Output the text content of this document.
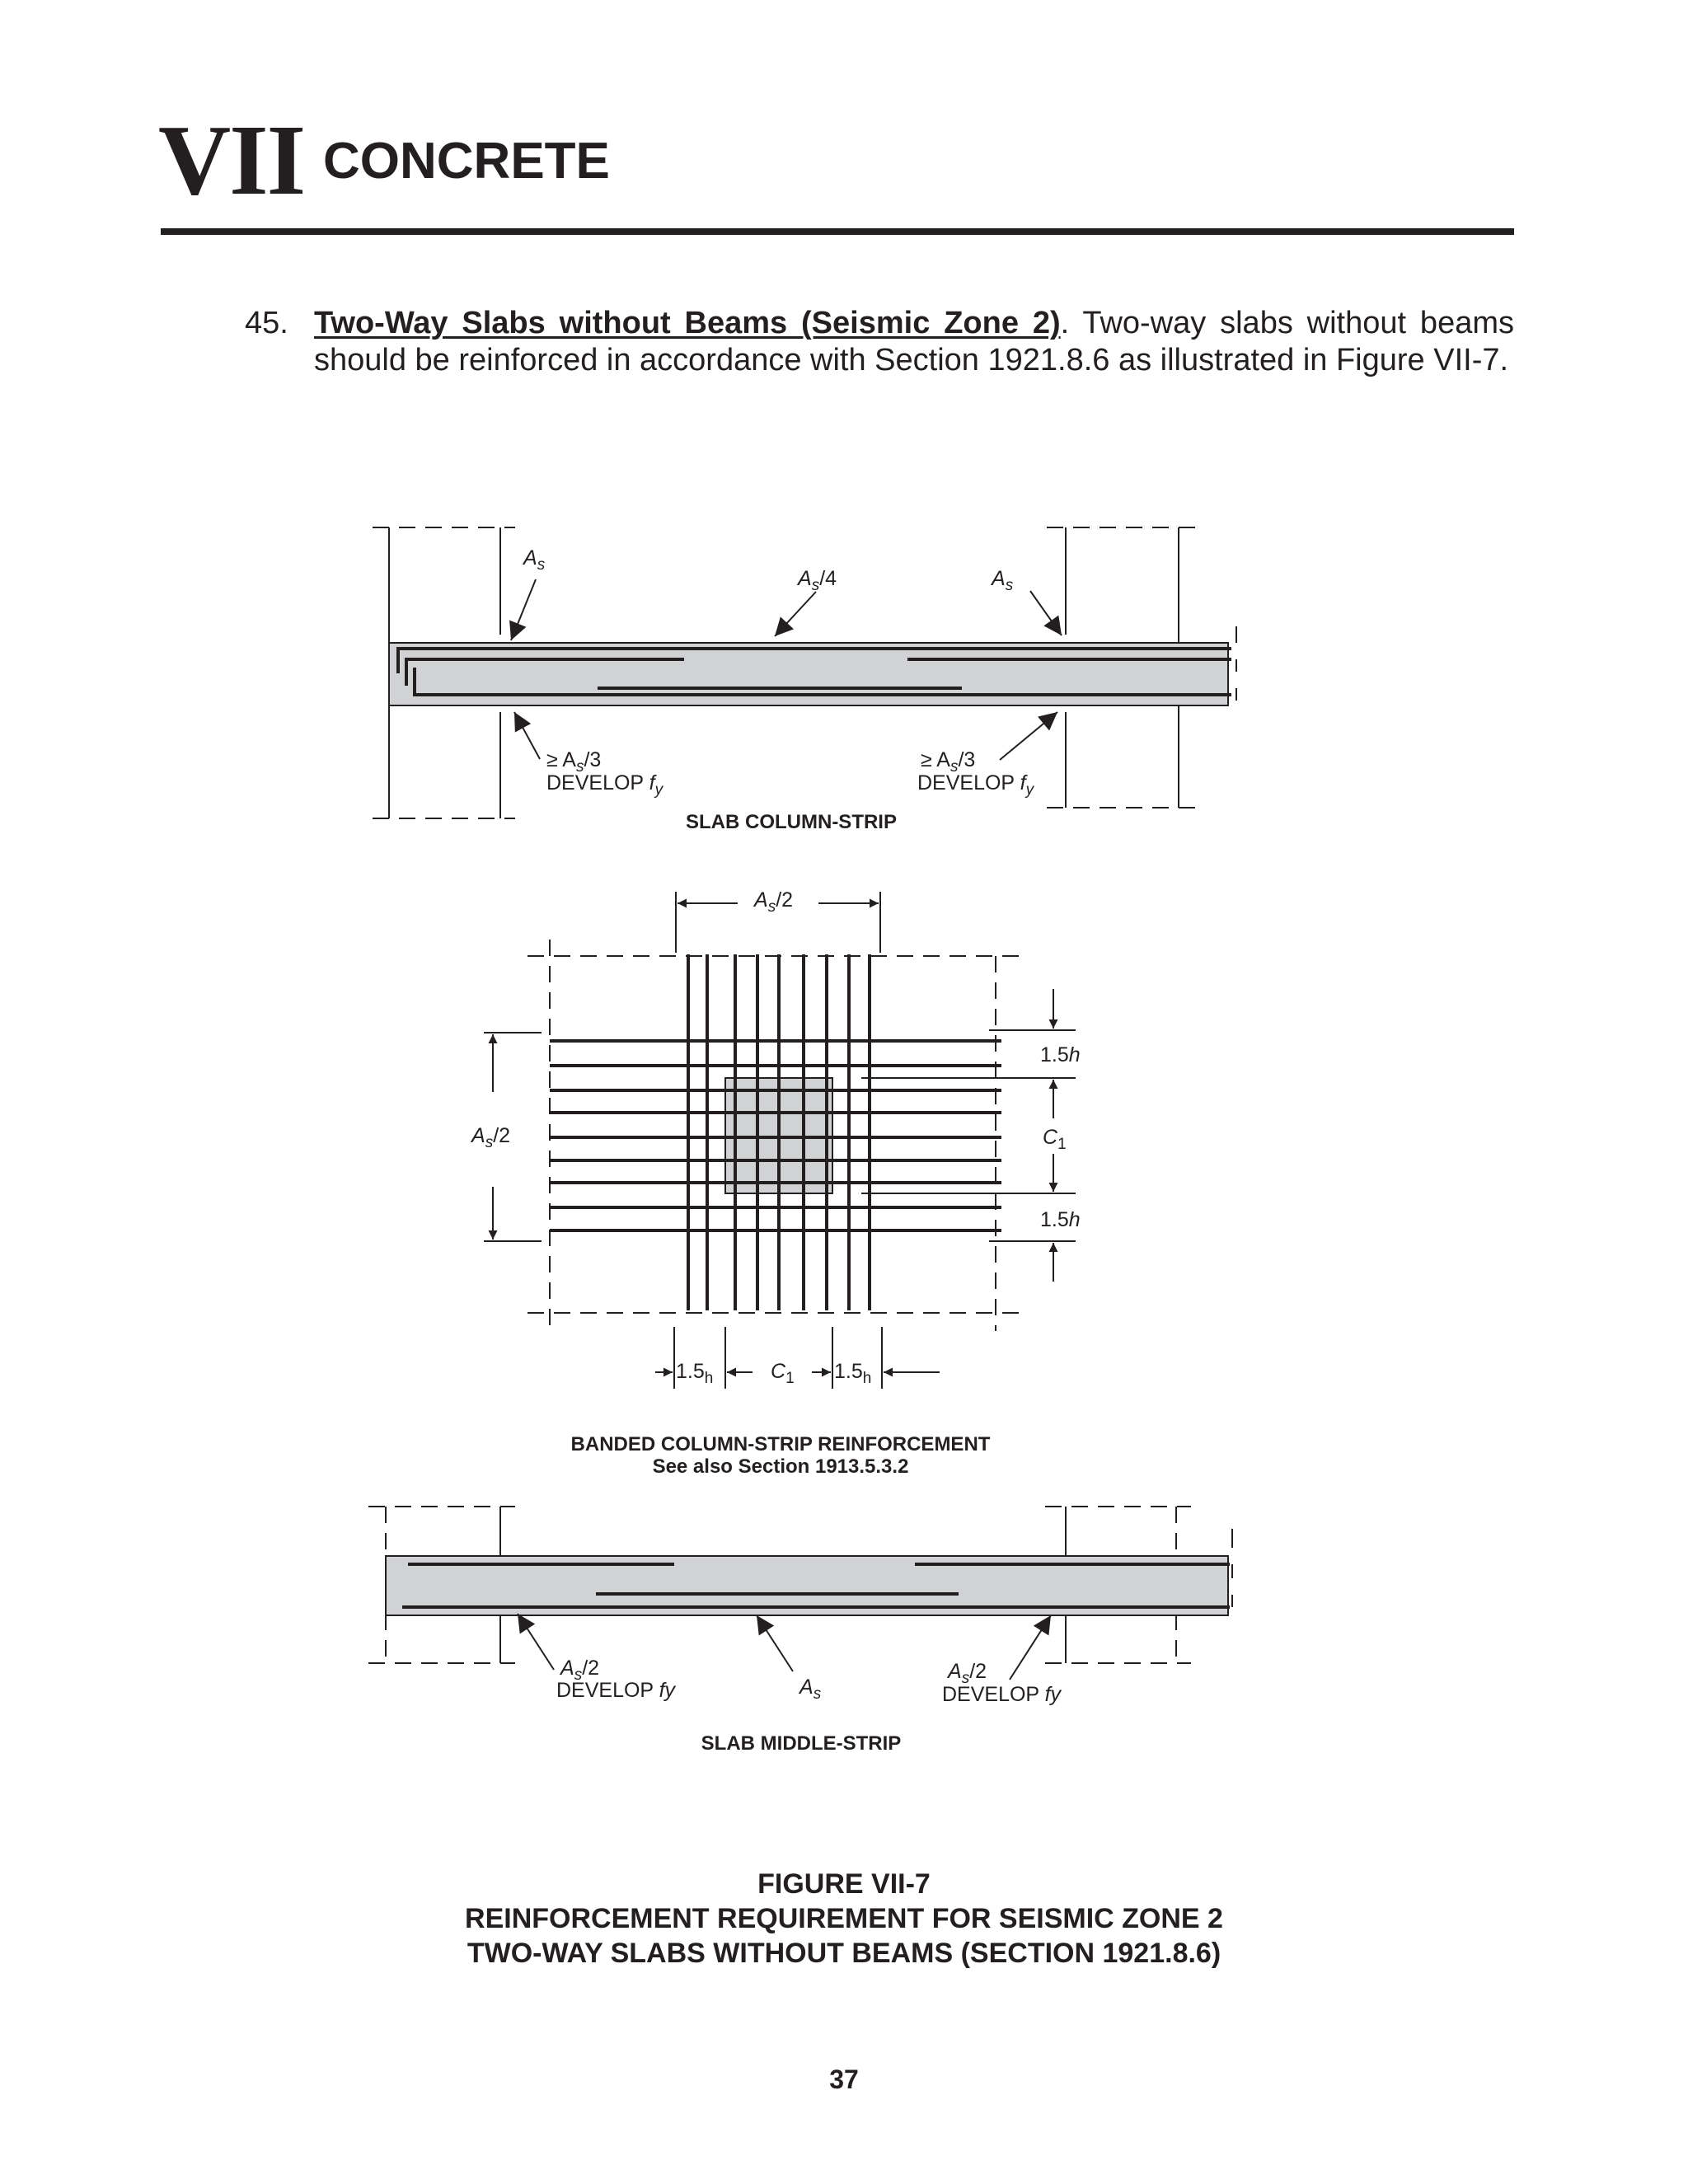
VII CONCRETE
45. Two-Way Slabs without Beams (Seismic Zone 2). Two-way slabs without beams should be reinforced in accordance with Section 1921.8.6 as illustrated in Figure VII-7.
$A_s$
$A_s/4$	$A_s$
≥ $A_s/3$
DEVELOP $f_y$
≥ $A_s/3$
DEVELOP $f_y$
SLAB COLUMN-STRIP
$A_s/2$
$A_s/2$
1.5h
$C_1$
1.5h
$1.5_h$	$C_1$ $1.5_h$
BANDED COLUMN-STRIP REINFORCEMENT
See also Section 1913.5.3.2
$A_s/2$
DEVELOP fy	$A_s$
$A_s/2$
DEVELOP fy
SLAB MIDDLE-STRIP
FIGURE VII-7
REINFORCEMENT REQUIREMENT FOR SEISMIC ZONE 2
TWO-WAY SLABS WITHOUT BEAMS (SECTION 1921.8.6)
37
